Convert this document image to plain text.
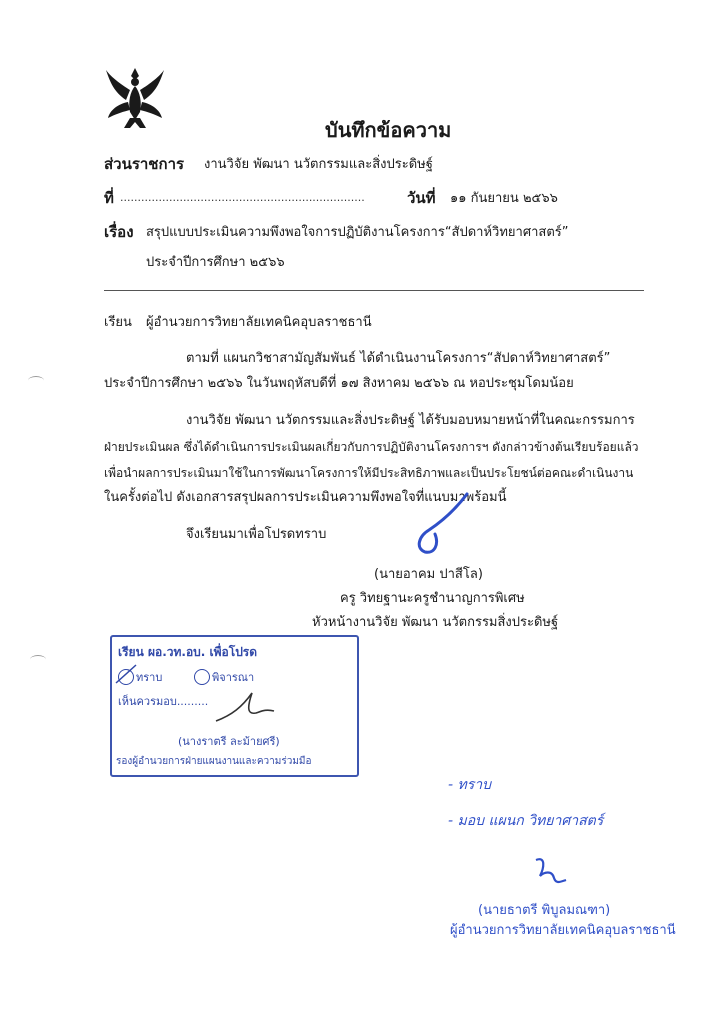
บันทึกข้อความ
ส่วนราชการ งานวิจัย พัฒนา นวัตกรรมและสิ่งประดิษฐ์
ที่ ......................................................................	วันที่ ๑๑ กันยายน ๒๕๖๖
เรื่อง สรุปแบบประเมินความพึงพอใจการปฏิบัติงานโครงการ“สัปดาห์วิทยาศาสตร์”
ประจำปีการศึกษา ๒๕๖๖
เรียน ผู้อำนวยการวิทยาลัยเทคนิคอุบลราชธานี
ตามที่ แผนกวิชาสามัญสัมพันธ์ ได้ดำเนินงานโครงการ“สัปดาห์วิทยาศาสตร์”
ประจำปีการศึกษา ๒๕๖๖ ในวันพฤหัสบดีที่ ๑๗ สิงหาคม ๒๕๖๖ ณ หอประชุมโดมน้อย
งานวิจัย พัฒนา นวัตกรรมและสิ่งประดิษฐ์ ได้รับมอบหมายหน้าที่ในคณะกรรมการ
ฝ่ายประเมินผล ซึ่งได้ดำเนินการประเมินผลเกี่ยวกับการปฏิบัติงานโครงการฯ ดังกล่าวข้างต้นเรียบร้อยแล้ว
เพื่อนำผลการประเมินมาใช้ในการพัฒนาโครงการให้มีประสิทธิภาพและเป็นประโยชน์ต่อคณะดำเนินงาน
ในครั้งต่อไป ดังเอกสารสรุปผลการประเมินความพึงพอใจที่แนบมาพร้อมนี้
จึงเรียนมาเพื่อโปรดทราบ
(นายอาคม ปาสีโล)
ครู วิทยฐานะครูชำนาญการพิเศษ
หัวหน้างานวิจัย พัฒนา นวัตกรรมสิ่งประดิษฐ์
เรียน ผอ.วท.อบ. เพื่อโปรด
ทราบ	พิจารณา
เห็นควรมอบ.........
(นางราตรี ละม้ายศรี)
รองผู้อำนวยการฝ่ายแผนงานและความร่วมมือ
- ทราบ
- มอบ แผนก วิทยาศาสตร์
(นายธาตรี พิบูลมณฑา)
ผู้อำนวยการวิทยาลัยเทคนิคอุบลราชธานี
